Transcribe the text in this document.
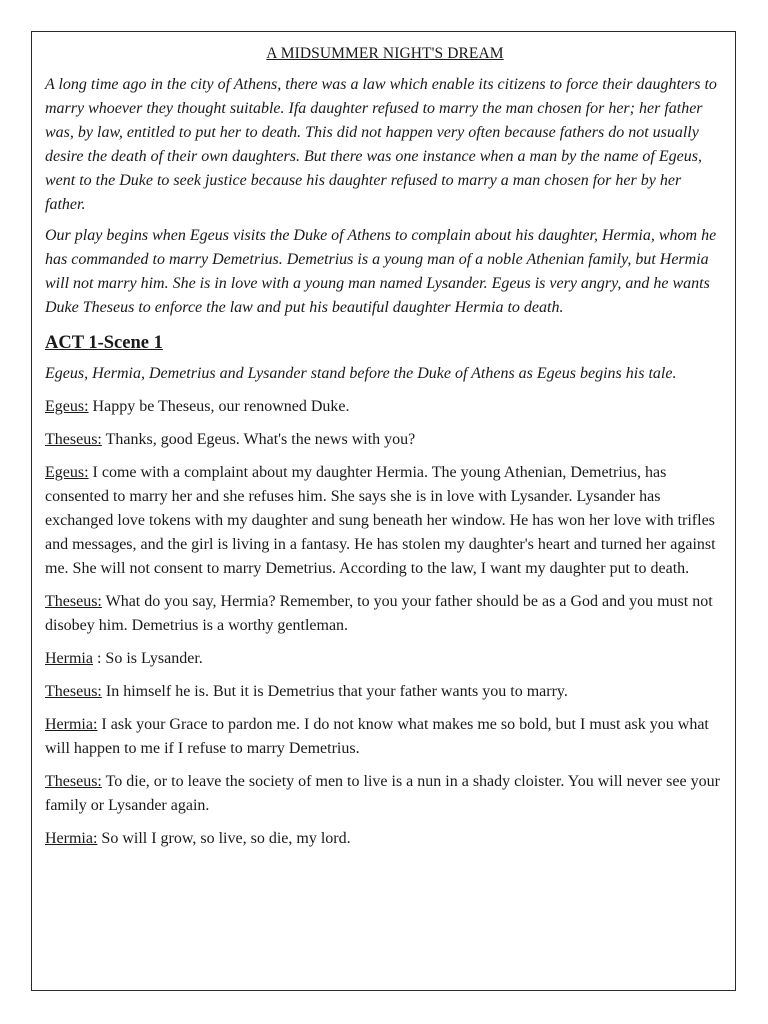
A MIDSUMMER NIGHT'S DREAM

A long time ago in the city of Athens, there was a law which enable its citizens to force their daughters to marry whoever they thought suitable. Ifa daughter refused to marry the man chosen for her; her father was, by law, entitled to put her to death. This did not happen very often because fathers do not usually desire the death of their own daughters. But there was one instance when a man by the name of Egeus, went to the Duke to seek justice because his daughter refused to marry a man chosen for her by her father.

Our play begins when Egeus visits the Duke of Athens to complain about his daughter, Hermia, whom he has commanded to marry Demetrius. Demetrius is a young man of a noble Athenian family, but Hermia will not marry him. She is in love with a young man named Lysander. Egeus is very angry, and he wants Duke Theseus to enforce the law and put his beautiful daughter Hermia to death.

ACT 1-Scene 1

Egeus, Hermia, Demetrius and Lysander stand before the Duke of Athens as Egeus begins his tale.

Egeus: Happy be Theseus, our renowned Duke.

Theseus: Thanks, good Egeus. What's the news with you?

Egeus: I come with a complaint about my daughter Hermia. The young Athenian, Demetrius, has consented to marry her and she refuses him. She says she is in love with Lysander. Lysander has exchanged love tokens with my daughter and sung beneath her window. He has won her love with trifles and messages, and the girl is living in a fantasy. He has stolen my daughter's heart and turned her against me. She will not consent to marry Demetrius. According to the law, I want my daughter put to death.

Theseus: What do you say, Hermia? Remember, to you your father should be as a God and you must not disobey him. Demetrius is a worthy gentleman.

Hermia : So is Lysander.

Theseus: In himself he is. But it is Demetrius that your father wants you to marry.

Hermia: I ask your Grace to pardon me. I do not know what makes me so bold, but I must ask you what will happen to me if I refuse to marry Demetrius.

Theseus: To die, or to leave the society of men to live is a nun in a shady cloister. You will never see your family or Lysander again.

Hermia: So will I grow, so live, so die, my lord.
